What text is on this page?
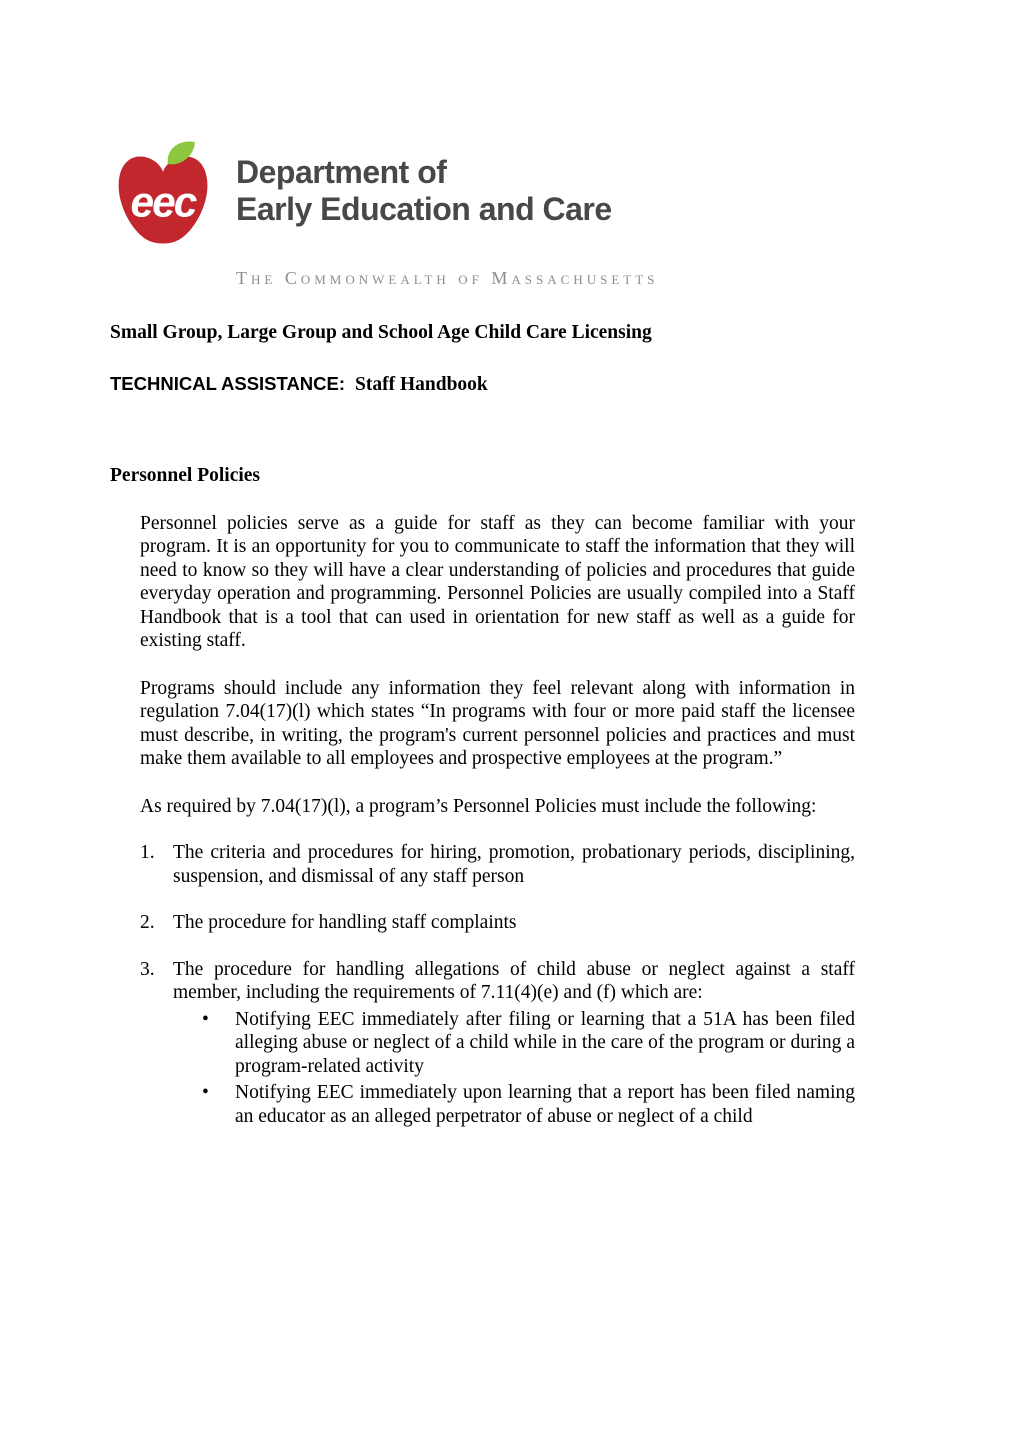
eec
Department of
Early Education and Care
The Commonwealth of Massachusetts
Small Group, Large Group and School Age Child Care Licensing
TECHNICAL ASSISTANCE: Staff Handbook
Personnel Policies

Personnel policies serve as a guide for staff as they can become familiar with your program. It is an opportunity for you to communicate to staff the information that they will need to know so they will have a clear understanding of policies and procedures that guide everyday operation and programming. Personnel Policies are usually compiled into a Staff Handbook that is a tool that can used in orientation for new staff as well as a guide for existing staff.

Programs should include any information they feel relevant along with information in regulation 7.04(17)(l) which states “In programs with four or more paid staff the licensee must describe, in writing, the program's current personnel policies and practices and must make them available to all employees and prospective employees at the program.”

As required by 7.04(17)(l), a program’s Personnel Policies must include the following:

1. The criteria and procedures for hiring, promotion, probationary periods, disciplining, suspension, and dismissal of any staff person
2. The procedure for handling staff complaints
3. The procedure for handling allegations of child abuse or neglect against a staff member, including the requirements of 7.11(4)(e) and (f) which are:
•	Notifying EEC immediately after filing or learning that a 51A has been filed alleging abuse or neglect of a child while in the care of the program or during a program-related activity
•	Notifying EEC immediately upon learning that a report has been filed naming an educator as an alleged perpetrator of abuse or neglect of a child
